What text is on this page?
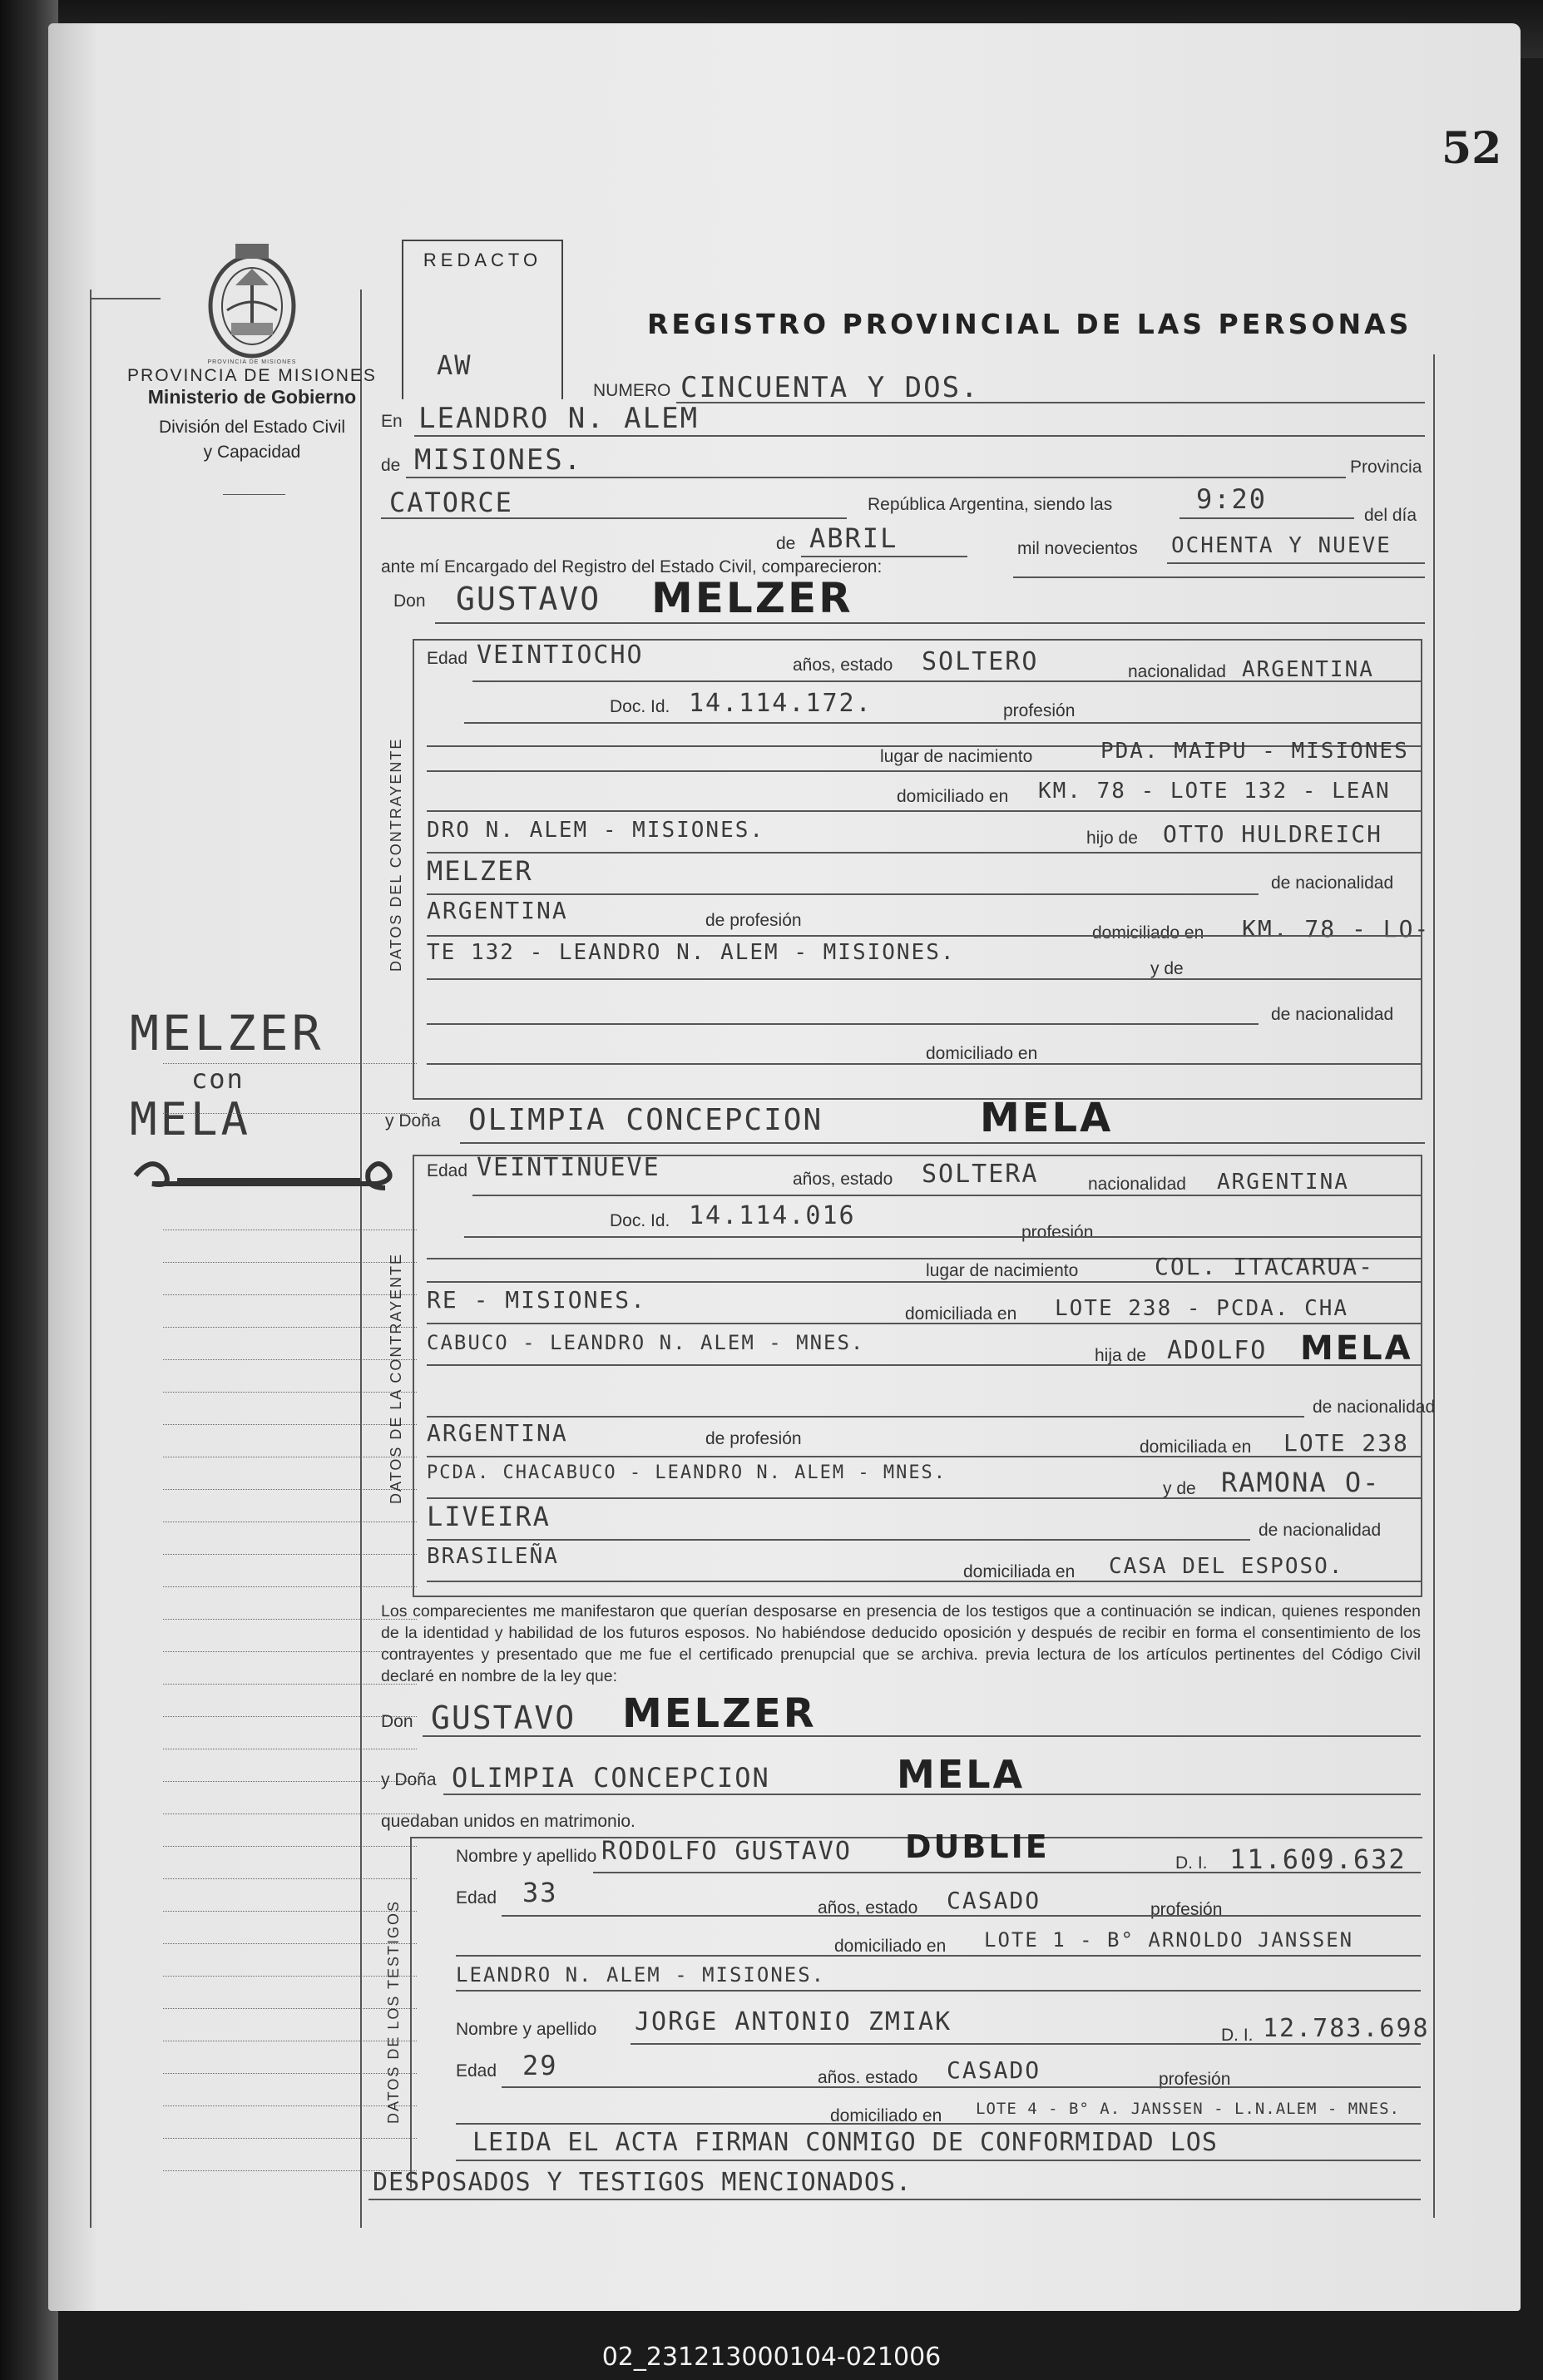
52
PROVINCIA DE MISIONES
PROVINCIA DE MISIONES
Ministerio de Gobierno
División del Estado Civil
y Capacidad
MELZER
con
MELA
REDACTO
AW
REGISTRO PROVINCIAL DE LAS PERSONAS
NUMERO CINCUENTA Y DOS.
En LEANDRO N. ALEM
de MISIONES.	Provincia
CATORCE	República Argentina, siendo las	9:20
del día
de ABRIL	mil novecientos OCHENTA Y NUEVE
ante mí Encargado del Registro del Estado Civil, comparecieron:
Don GUSTAVO MELZER
DATOS DEL CONTRAYENTE
Edad VEINTIOCHO	años, estado SOLTERO	nacionalidad ARGENTINA
Doc. Id. 14.114.172.	profesión
lugar de nacimiento	PDA. MAIPU - MISIONES
domiciliado en KM. 78 - LOTE 132 - LEAN
DRO N. ALEM - MISIONES.	hijo de OTTO HULDREICH
MELZER	de nacionalidad
ARGENTINA	de profesión
domiciliado en KM. 78 - LO-
TE 132 - LEANDRO N. ALEM - MISIONES.
y de
de nacionalidad
domiciliado en
y Doña OLIMPIA CONCEPCION	MELA
DATOS DE LA CONTRAYENTE
Edad VEINTINUEVE	años, estado SOLTERA	nacionalidad ARGENTINA
Doc. Id. 14.114.016
profesión
lugar de nacimiento	COL. ITACARUA-
RE - MISIONES.
domiciliada en LOTE 238 - PCDA. CHA
CABUCO - LEANDRO N. ALEM - MNES.
hija de ADOLFO MELA
de nacionalidad
ARGENTINA	de profesión	domiciliada en LOTE 238
PCDA. CHACABUCO - LEANDRO N. ALEM - MNES.
y de RAMONA O-
LIVEIRA	de nacionalidad
BRASILEÑA
domiciliada en CASA DEL ESPOSO.
Los comparecientes me manifestaron que querían desposarse en presencia de los testigos que a continuación se indican, quienes responden de la identidad y habilidad de los futuros esposos. No habiéndose deducido oposición y después de recibir en forma el consentimiento de los contrayentes y presentado que me fue el certificado prenupcial que se archiva. previa lectura de los artículos pertinentes del Código Civil declaré en nombre de la ley que:
Don GUSTAVO MELZER
y Doña OLIMPIA CONCEPCION	MELA
quedaban unidos en matrimonio.
DATOS DE LOS TESTIGOS
Nombre y apellido RODOLFO GUSTAVO DUBLIE	D. I. 11.609.632
Edad 33	años, estado CASADO	profesión
domiciliado en LOTE 1 - B° ARNOLDO JANSSEN
LEANDRO N. ALEM - MISIONES.
Nombre y apellido JORGE ANTONIO ZMIAK	D. I. 12.783.698
Edad 29	años. estado CASADO	profesión
domiciliado en LOTE 4 - B° A. JANSSEN - L.N.ALEM - MNES.
LEIDA EL ACTA FIRMAN CONMIGO DE CONFORMIDAD LOS
DESPOSADOS Y TESTIGOS MENCIONADOS.
02_231213000104-021006
